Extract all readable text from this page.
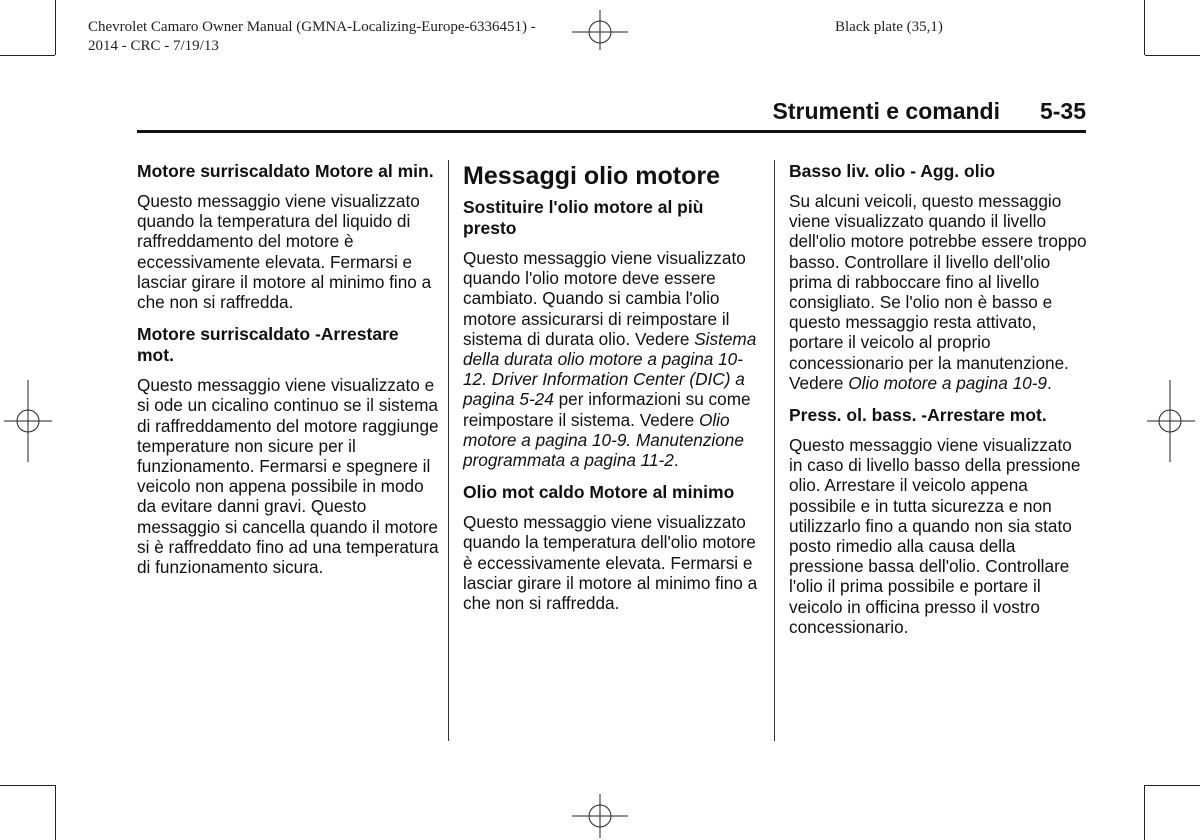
Chevrolet Camaro Owner Manual (GMNA-Localizing-Europe-6336451) -
2014 - CRC - 7/19/13
Black plate (35,1)
Strumenti e comandi 5-35
Motore surriscaldato Motore al min.

Questo messaggio viene visualizzato quando la temperatura del liquido di raffreddamento del motore è eccessivamente elevata. Fermarsi e lasciar girare il motore al minimo fino a che non si raffredda.

Motore surriscaldato -Arrestare mot.

Questo messaggio viene visualizzato e si ode un cicalino continuo se il sistema di raffreddamento del motore raggiunge temperature non sicure per il funzionamento. Fermarsi e spegnere il veicolo non appena possibile in modo da evitare danni gravi. Questo messaggio si cancella quando il motore si è raffreddato fino ad una temperatura di funzionamento sicura.

Messaggi olio motore
Sostituire l'olio motore al più presto

Questo messaggio viene visualizzato quando l'olio motore deve essere cambiato. Quando si cambia l'olio motore assicurarsi di reimpostare il sistema di durata olio. Vedere Sistema della durata olio motore a pagina 10-12. Driver Information Center (DIC) a pagina 5-24 per informazioni su come reimpostare il sistema. Vedere Olio motore a pagina 10-9. Manutenzione programmata a pagina 11-2.

Olio mot caldo Motore al minimo

Questo messaggio viene visualizzato quando la temperatura dell'olio motore è eccessivamente elevata. Fermarsi e lasciar girare il motore al minimo fino a che non si raffredda.

Basso liv. olio - Agg. olio

Su alcuni veicoli, questo messaggio viene visualizzato quando il livello dell'olio motore potrebbe essere troppo basso. Controllare il livello dell'olio prima di rabboccare fino al livello consigliato. Se l'olio non è basso e questo messaggio resta attivato, portare il veicolo al proprio concessionario per la manutenzione. Vedere Olio motore a pagina 10-9.

Press. ol. bass. -Arrestare mot.

Questo messaggio viene visualizzato in caso di livello basso della pressione olio. Arrestare il veicolo appena possibile e in tutta sicurezza e non utilizzarlo fino a quando non sia stato posto rimedio alla causa della pressione bassa dell'olio. Controllare l'olio il prima possibile e portare il veicolo in officina presso il vostro concessionario.
